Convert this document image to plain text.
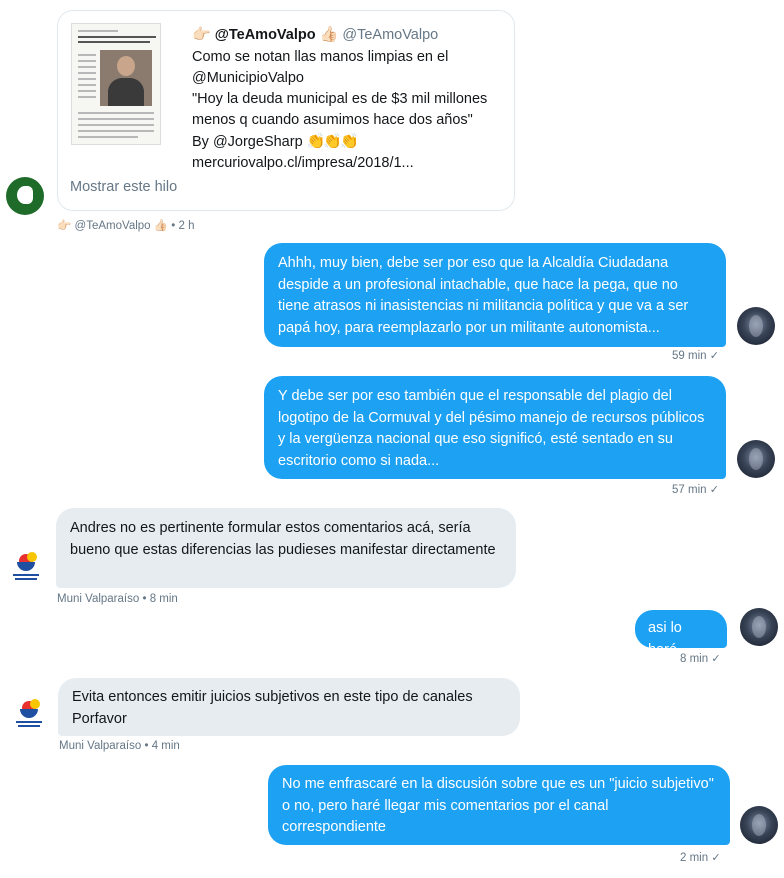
👉🏻 @TeAmoValpo 👍🏻 @TeAmoValpo
Como se notan llas manos limpias en el
@MunicipioValpo
"Hoy la deuda municipal es de $3 mil millones
menos q cuando asumimos hace dos años"
By @JorgeSharp 👏👏👏
mercuriovalpo.cl/impresa/2018/1...
Mostrar este hilo
👉🏻 @TeAmoValpo 👍🏻 • 2 h
Ahhh, muy bien, debe ser por eso que la Alcaldía Ciudadana despide a un profesional intachable, que hace la pega, que no tiene atrasos ni inasistencias ni militancia política y que va a ser papá hoy, para reemplazarlo por un militante autonomista...
59 min ✓
Y debe ser por eso también que el responsable del plagio del logotipo de la Cormuval y del pésimo manejo de recursos públicos y la vergüenza nacional que eso significó, esté sentado en su escritorio como si nada...
57 min ✓
Andres no es pertinente formular estos comentarios acá, sería bueno que estas diferencias las pudieses manifestar directamente
Muni Valparaíso • 8 min
asi lo haré
8 min ✓
Evita entonces emitir juicios subjetivos en este tipo de canales Porfavor
Muni Valparaíso • 4 min
No me enfrascaré en la discusión sobre que es un "juicio subjetivo" o no, pero haré llegar mis comentarios por el canal correspondiente
2 min ✓
